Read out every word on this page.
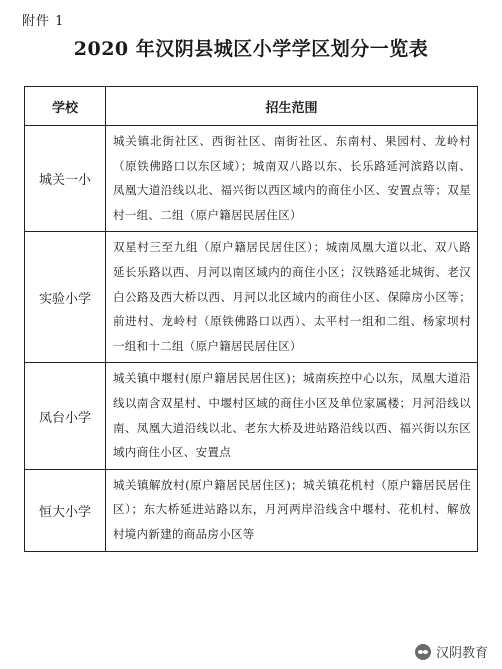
附件 1
2020 年汉阴县城区小学学区划分一览表
学校	招生范围
城关一小	城关镇北街社区、西街社区、南街社区、东南村、果园村、龙岭村（原铁佛路口以东区域）；城南双八路以东、长乐路延河滨路以南、凤凰大道沿线以北、福兴街以西区域内的商住小区、安置点等；双星村一组、二组（原户籍居民居住区）
实验小学	双星村三至九组（原户籍居民居住区）；城南凤凰大道以北、双八路延长乐路以西、月河以南区域内的商住小区；汉铁路延北城街、老汉白公路及西大桥以西、月河以北区域内的商住小区、保障房小区等；前进村、龙岭村（原铁佛路口以西）、太平村一组和二组、杨家坝村一组和十二组（原户籍居民居住区）
凤台小学	城关镇中堰村(原户籍居民居住区)；城南疾控中心以东，凤凰大道沿线以南含双星村、中堰村区域的商住小区及单位家属楼；月河沿线以南、凤凰大道沿线以北、老东大桥及进站路沿线以西、福兴街以东区域内商住小区、安置点
恒大小学	城关镇解放村(原户籍居民居住区)；城关镇花机村（原户籍居民居住区）；东大桥延进站路以东，月河两岸沿线含中堰村、花机村、解放村境内新建的商品房小区等
汉阴教育
